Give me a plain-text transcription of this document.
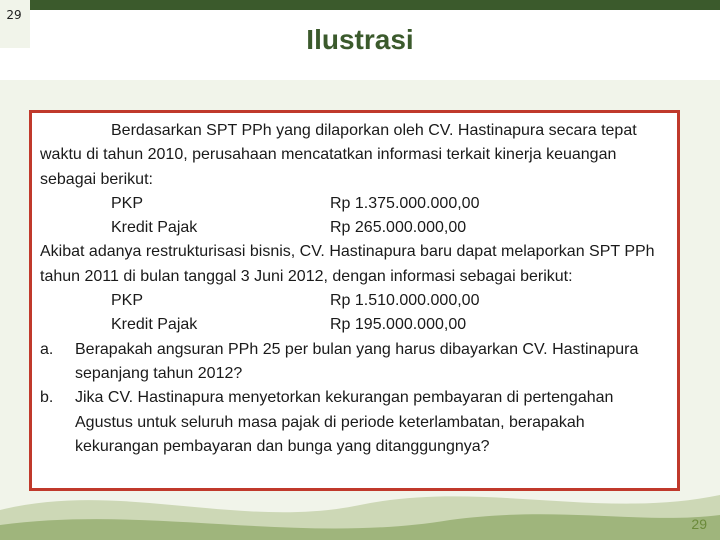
29
Ilustrasi

Berdasarkan SPT PPh yang dilaporkan oleh CV. Hastinapura secara tepat waktu di tahun 2010, perusahaan mencatatkan informasi terkait kinerja keuangan sebagai berikut:

PKP	Rp 1.375.000.000,00
Kredit Pajak	Rp 265.000.000,00

Akibat adanya restrukturisasi bisnis, CV. Hastinapura baru dapat melaporkan SPT PPh tahun 2011 di bulan tanggal 3 Juni 2012, dengan informasi sebagai berikut:

PKP	Rp 1.510.000.000,00
Kredit Pajak	Rp 195.000.000,00
a. Berapakah angsuran PPh 25 per bulan yang harus dibayarkan CV. Hastinapura sepanjang tahun 2012?
b. Jika CV. Hastinapura menyetorkan kekurangan pembayaran di pertengahan Agustus untuk seluruh masa pajak di periode keterlambatan, berapakah kekurangan pembayaran dan bunga yang ditanggungnya?
29
